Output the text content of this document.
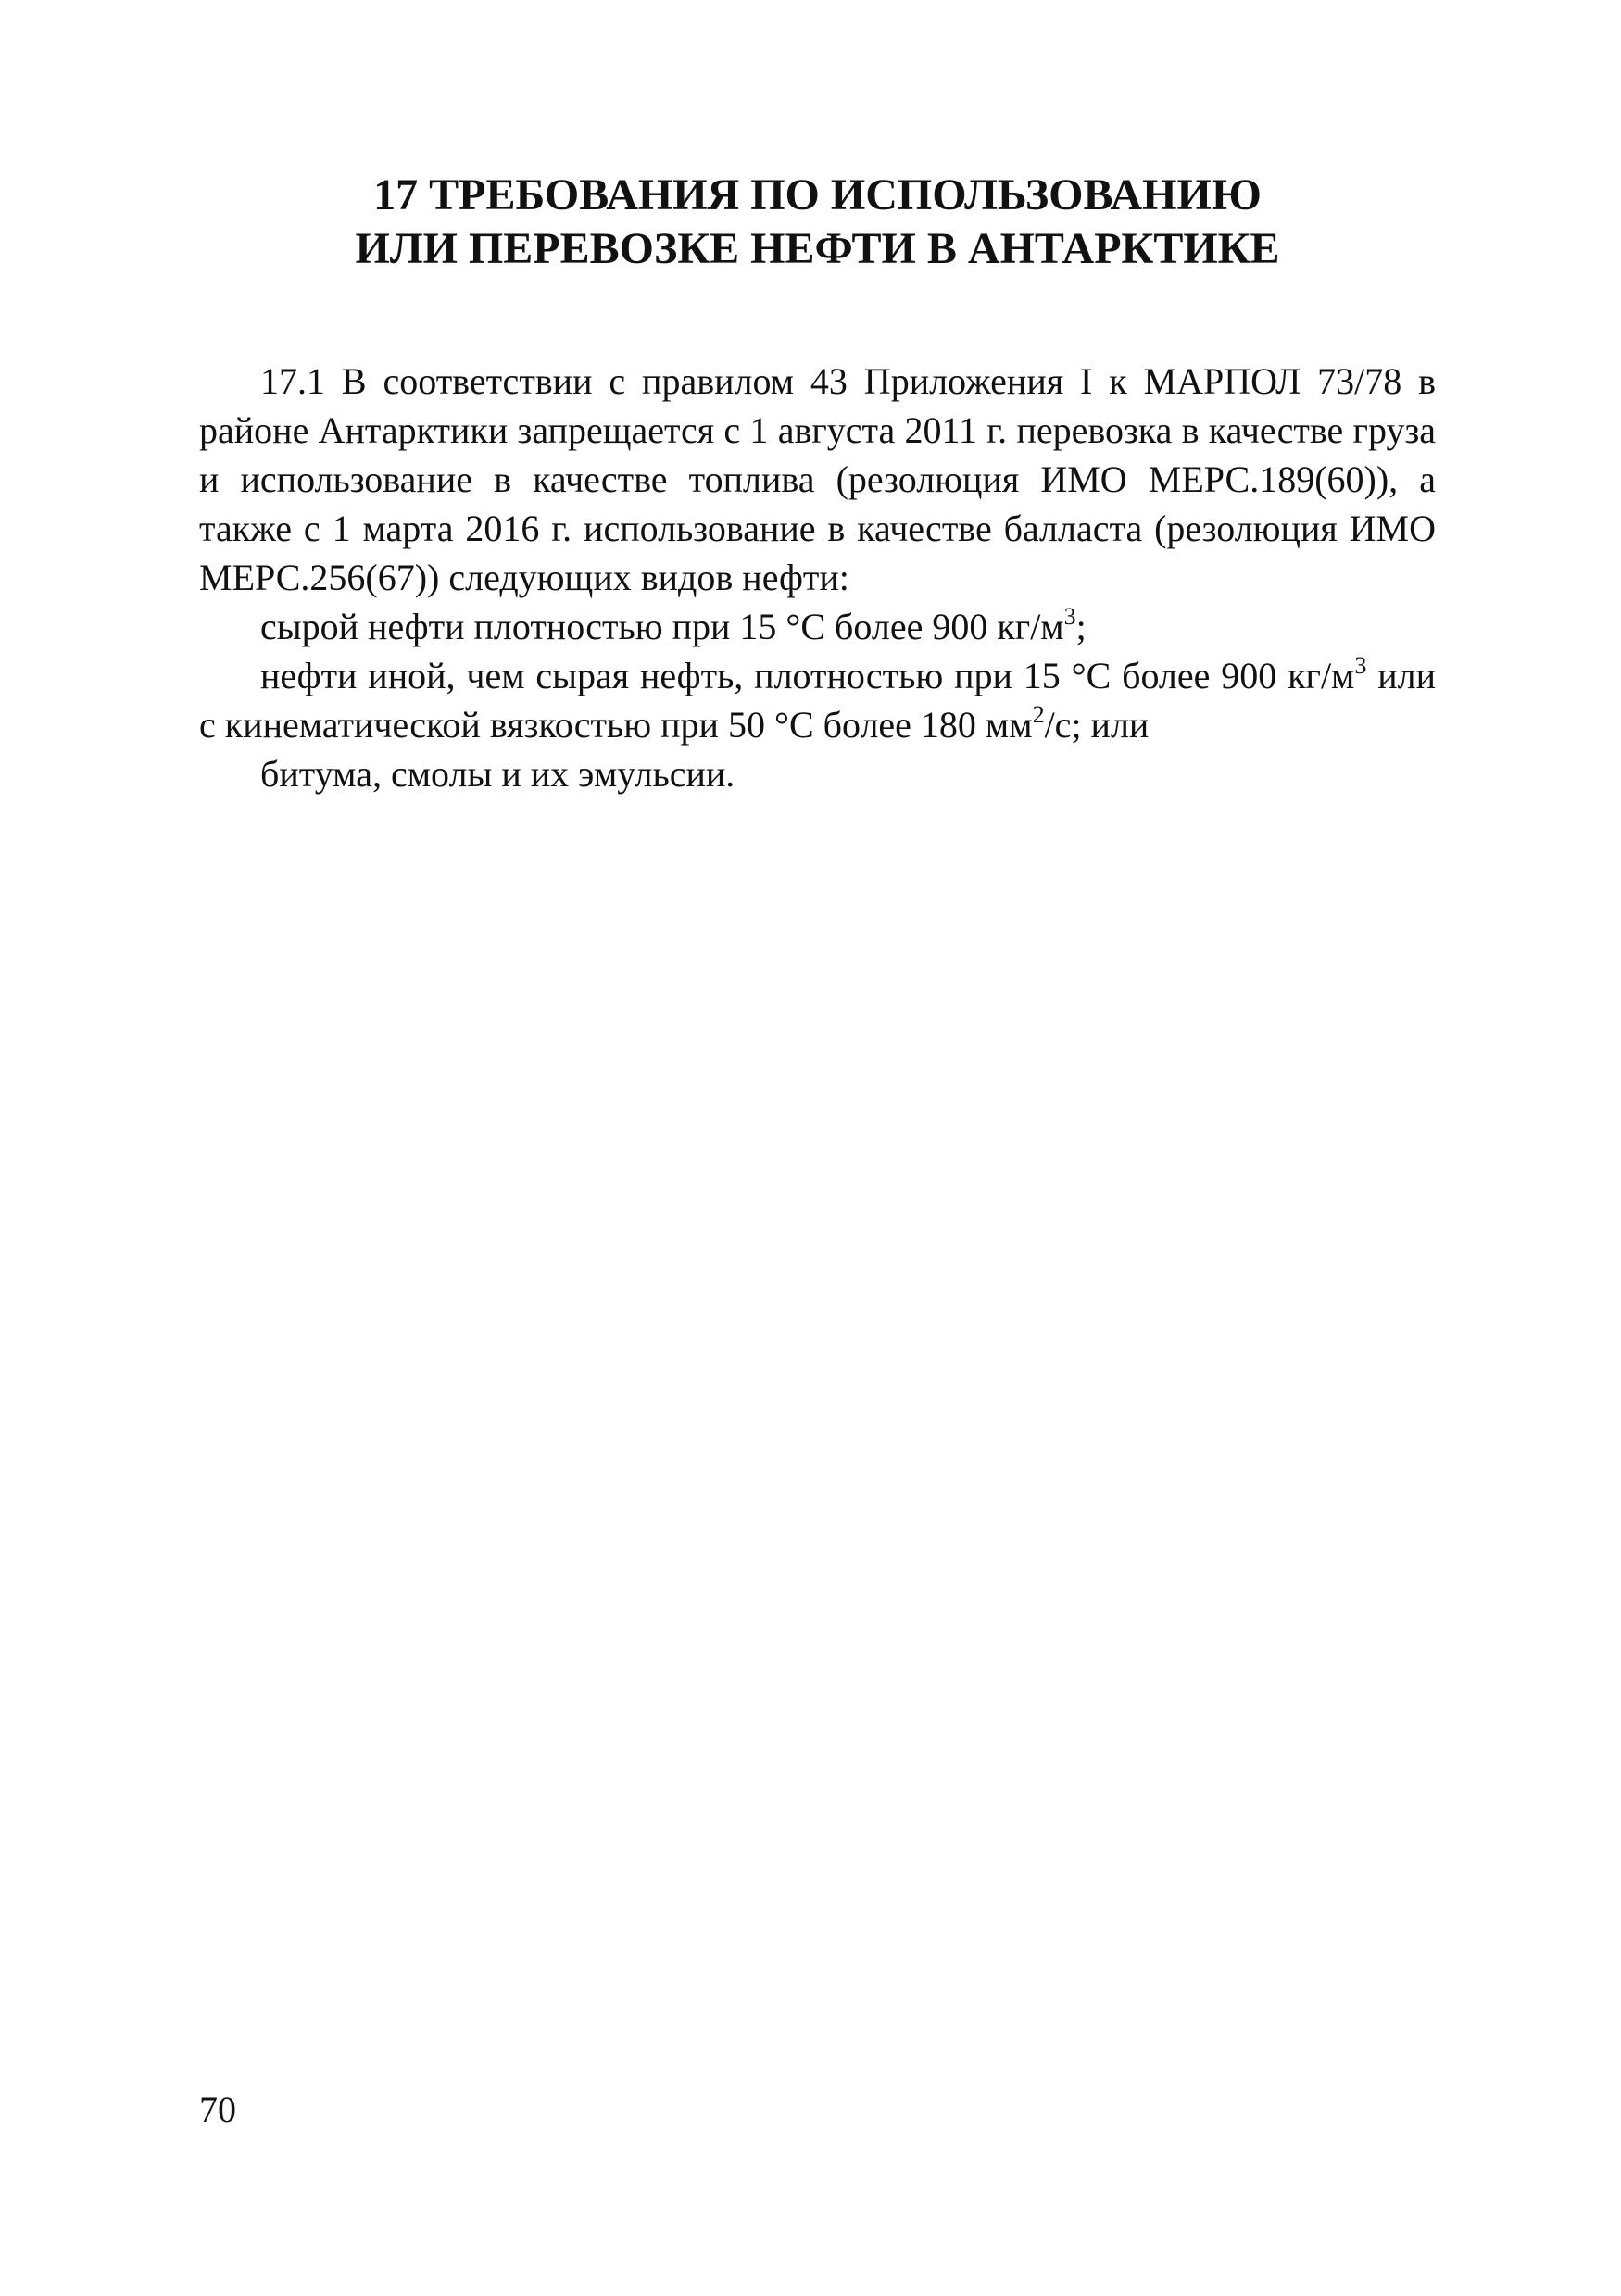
17 ТРЕБОВАНИЯ ПО ИСПОЛЬЗОВАНИЮ
ИЛИ ПЕРЕВОЗКЕ НЕФТИ В АНТАРКТИКЕ

17.1 В соответствии с правилом 43 Приложения I к МАРПОЛ 73/78 в районе Антарктики запрещается с 1 августа 2011 г. перевозка в качестве груза и использование в качестве топлива (резолюция ИМО МЕРС.189(60)), а также с 1 марта 2016 г. использование в качестве балласта (резолюция ИМО МЕРС.256(67)) следующих видов нефти:

сырой нефти плотностью при 15 °С более 900 $кг/м^3$;

нефти иной, чем сырая нефть, плотностью при 15 °С более 900 $кг/м^3$ или с кинематической вязкостью при 50 °С более 180 $мм^2/с$; или

битума, смолы и их эмульсии.

70
